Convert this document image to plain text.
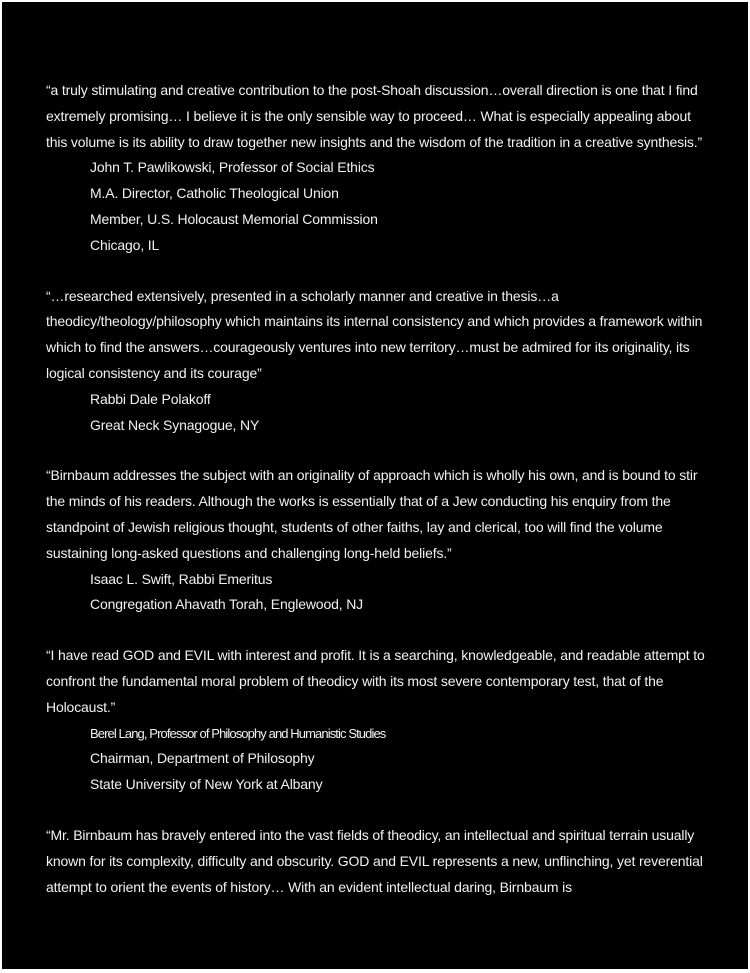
“a truly stimulating and creative contribution to the post-Shoah discussion…overall direction is one that I find extremely promising… I believe it is the only sensible way to proceed… What is especially appealing about this volume is its ability to draw together new insights and the wisdom of the tradition in a creative synthesis.”

John T. Pawlikowski, Professor of Social Ethics
M.A. Director, Catholic Theological Union
Member, U.S. Holocaust Memorial Commission
Chicago, IL

“…researched extensively, presented in a scholarly manner and creative in thesis…a theodicy/theology/philosophy which maintains its internal consistency and which provides a framework within which to find the answers…courageously ventures into new territory…must be admired for its originality, its logical consistency and its courage”

Rabbi Dale Polakoff
Great Neck Synagogue, NY

“Birnbaum addresses the subject with an originality of approach which is wholly his own, and is bound to stir the minds of his readers. Although the works is essentially that of a Jew conducting his enquiry from the standpoint of Jewish religious thought, students of other faiths, lay and clerical, too will find the volume sustaining long-asked questions and challenging long-held beliefs.”

Isaac L. Swift, Rabbi Emeritus
Congregation Ahavath Torah, Englewood, NJ

“I have read GOD and EVIL with interest and profit. It is a searching, knowledgeable, and readable attempt to confront the fundamental moral problem of theodicy with its most severe contemporary test, that of the Holocaust.”

Berel Lang, Professor of Philosophy and Humanistic Studies
Chairman, Department of Philosophy
State University of New York at Albany

“Mr. Birnbaum has bravely entered into the vast fields of theodicy, an intellectual and spiritual terrain usually known for its complexity, difficulty and obscurity. GOD and EVIL represents a new, unflinching, yet reverential attempt to orient the events of history… With an evident intellectual daring, Birnbaum is
